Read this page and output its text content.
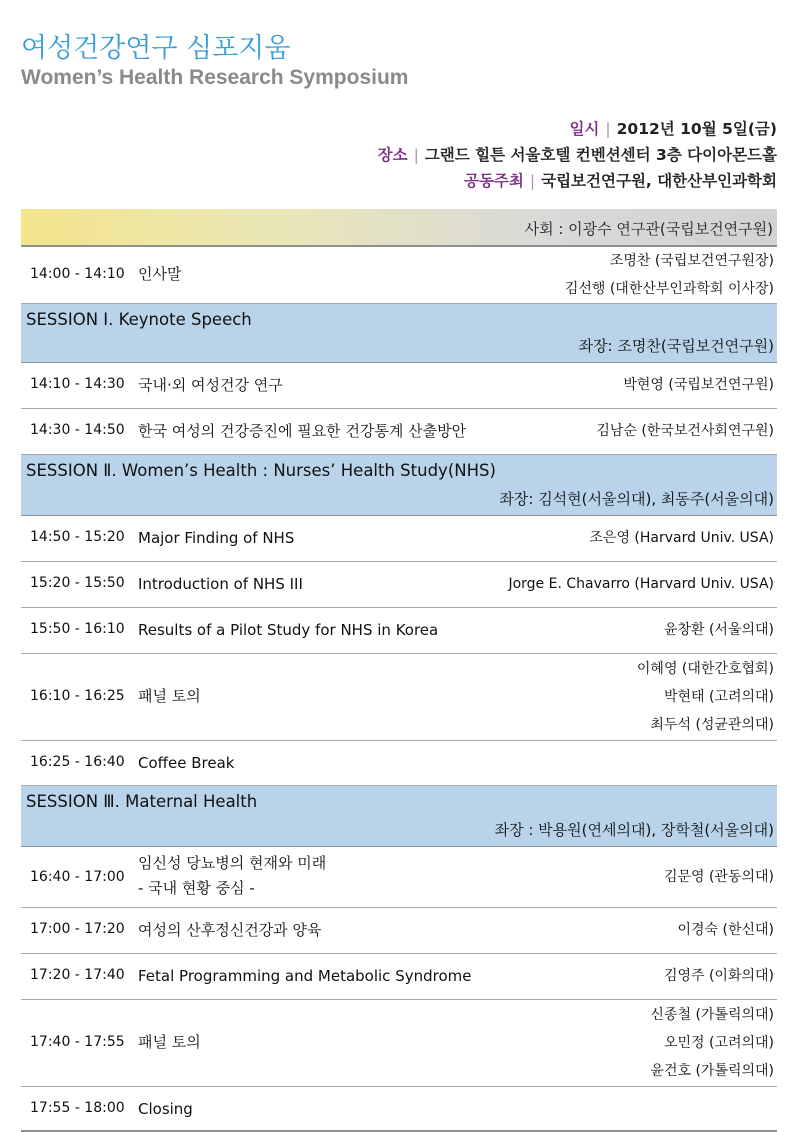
여성건강연구 심포지움
Women’s Health Research Symposium
일시 | 2012년 10월 5일(금)
장소 | 그랜드 힐튼 서울호텔 컨벤션센터 3층 다이아몬드홀
공동주최 | 국립보건연구원, 대한산부인과학회
사회 : 이광수 연구관(국립보건연구원)
14:00 - 14:10 인사말
조명찬 (국립보건연구원장)
김선행 (대한산부인과학회 이사장)
SESSION Ⅰ. Keynote Speech
좌장: 조명찬(국립보건연구원)
14:10 - 14:30 국내·외 여성건강 연구	박현영 (국립보건연구원)
14:30 - 14:50 한국 여성의 건강증진에 필요한 건강통계 산출방안	김남순 (한국보건사회연구원)
SESSION Ⅱ. Women’s Health : Nurses’ Health Study(NHS)
좌장: 김석현(서울의대), 최동주(서울의대)
14:50 - 15:20 Major Finding of NHS	조은영 (Harvard Univ. USA)
15:20 - 15:50 Introduction of NHS III	Jorge E. Chavarro (Harvard Univ. USA)
15:50 - 16:10 Results of a Pilot Study for NHS in Korea	윤창환 (서울의대)
16:10 - 16:25 패널 토의
이혜영 (대한간호협회)
박현태 (고려의대)
최두석 (성균관의대)
16:25 - 16:40 Coffee Break
SESSION Ⅲ. Maternal Health
좌장 : 박용원(연세의대), 장학철(서울의대)
16:40 - 17:00
임신성 당뇨병의 현재와 미래
- 국내 현황 중심 -
김문영 (관동의대)
17:00 - 17:20 여성의 산후정신건강과 양육	이경숙 (한신대)
17:20 - 17:40 Fetal Programming and Metabolic Syndrome	김영주 (이화의대)
17:40 - 17:55 패널 토의
신종철 (가톨릭의대)
오민정 (고려의대)
윤건호 (가톨릭의대)
17:55 - 18:00 Closing
